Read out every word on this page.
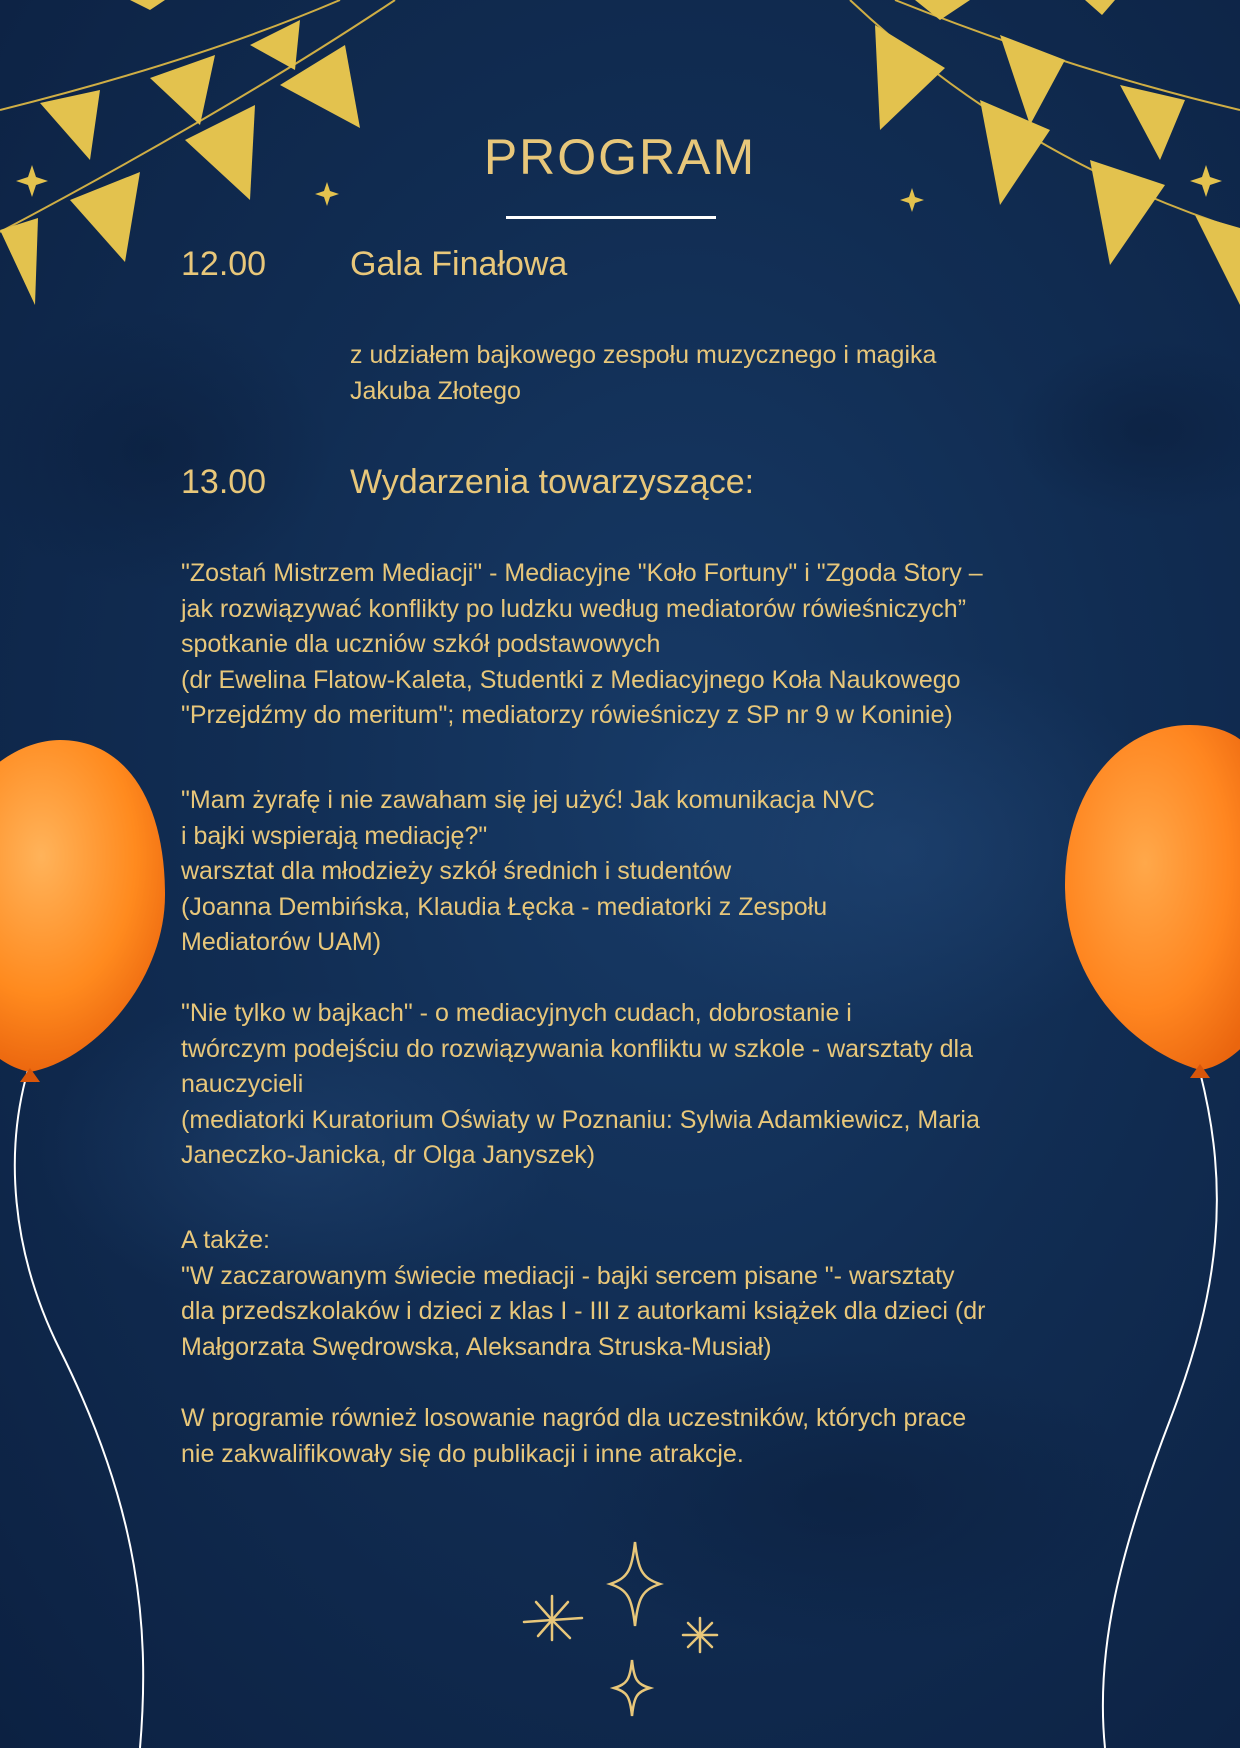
PROGRAM

12.00 Gala Finałowa

z udziałem bajkowego zespołu muzycznego i magika
Jakuba Złotego

13.00 Wydarzenia towarzyszące:

"Zostań Mistrzem Mediacji" - Mediacyjne "Koło Fortuny" i "Zgoda Story –
jak rozwiązywać konflikty po ludzku według mediatorów rówieśniczych”
spotkanie dla uczniów szkół podstawowych
(dr Ewelina Flatow-Kaleta, Studentki z Mediacyjnego Koła Naukowego
"Przejdźmy do meritum"; mediatorzy rówieśniczy z SP nr 9 w Koninie)

"Mam żyrafę i nie zawaham się jej użyć! Jak komunikacja NVC
i bajki wspierają mediację?"
warsztat dla młodzieży szkół średnich i studentów
(Joanna Dembińska, Klaudia Łęcka - mediatorki z Zespołu
Mediatorów UAM)

"Nie tylko w bajkach" - o mediacyjnych cudach, dobrostanie i
twórczym podejściu do rozwiązywania konfliktu w szkole - warsztaty dla
nauczycieli
(mediatorki Kuratorium Oświaty w Poznaniu: Sylwia Adamkiewicz, Maria
Janeczko-Janicka, dr Olga Janyszek)

A także:
"W zaczarowanym świecie mediacji - bajki sercem pisane "- warsztaty
dla przedszkolaków i dzieci z klas I - III z autorkami książek dla dzieci (dr
Małgorzata Swędrowska, Aleksandra Struska-Musiał)

W programie również losowanie nagród dla uczestników, których prace
nie zakwalifikowały się do publikacji i inne atrakcje.
